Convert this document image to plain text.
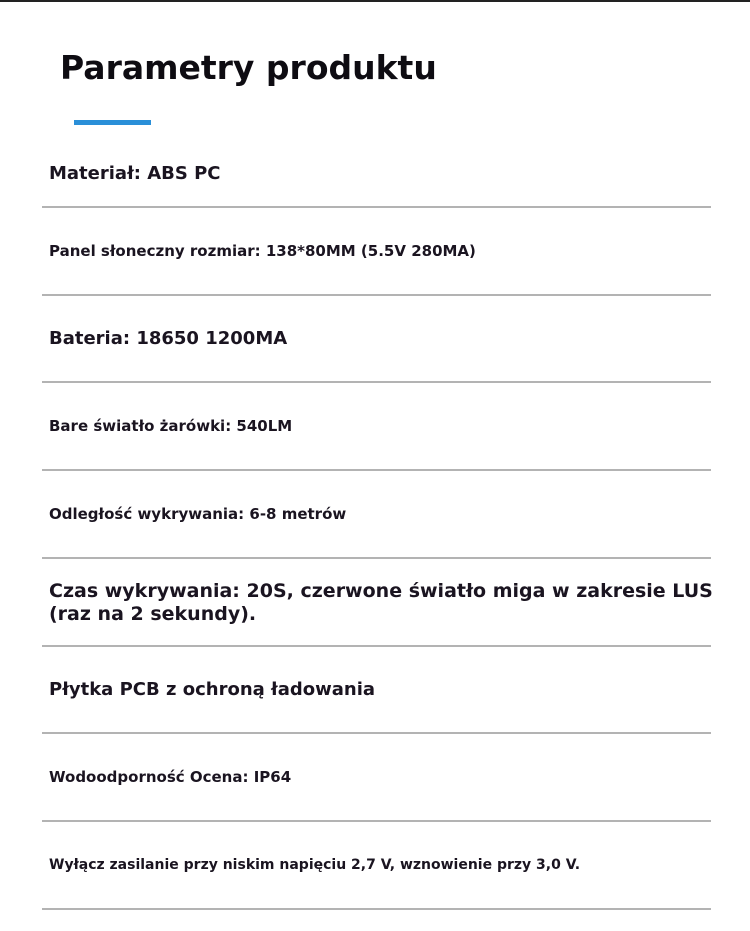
Parametry produktu
Materiał: ABS PC
Panel słoneczny rozmiar: 138*80MM (5.5V 280MA)
Bateria: 18650 1200MA
Bare światło żarówki: 540LM
Odległość wykrywania: 6-8 metrów
Czas wykrywania: 20S, czerwone światło miga w zakresie LUS (raz na 2 sekundy).
Płytka PCB z ochroną ładowania
Wodoodporność Ocena: IP64
Wyłącz zasilanie przy niskim napięciu 2,7 V, wznowienie przy 3,0 V.
